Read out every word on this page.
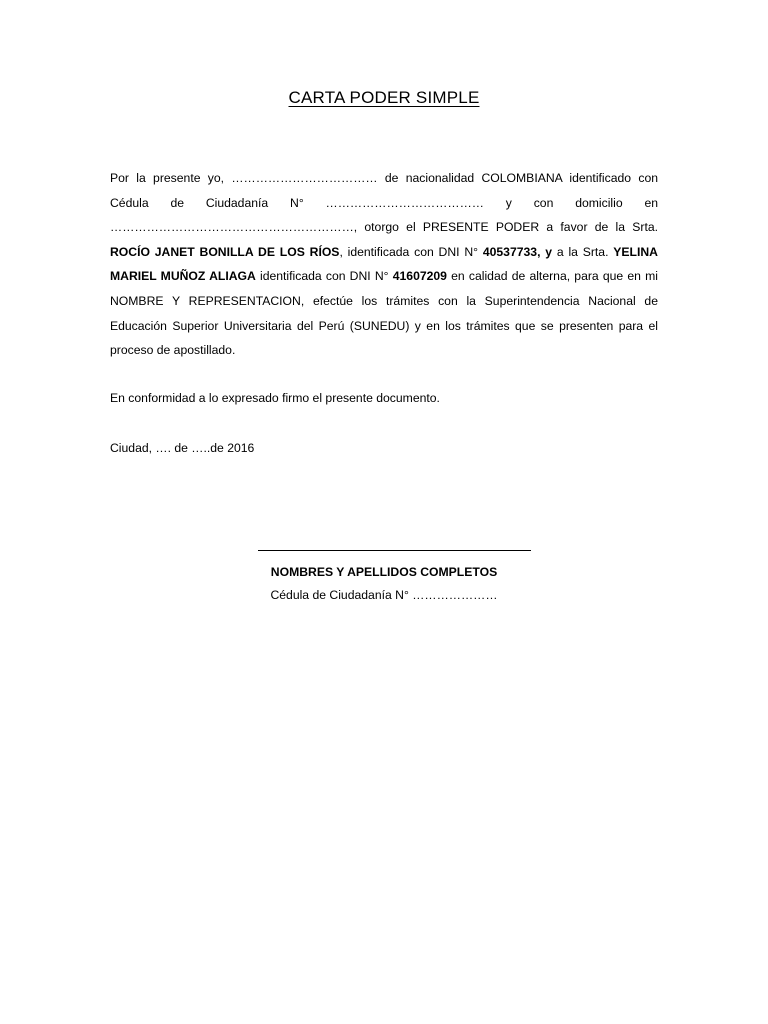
CARTA PODER SIMPLE
Por la presente yo, ……………………………… de nacionalidad COLOMBIANA identificado con Cédula de Ciudadanía N° ………………………………… y con domicilio en ……………………………………………………, otorgo el PRESENTE PODER a favor de la Srta. ROCÍO JANET BONILLA DE LOS RÍOS, identificada con DNI N° 40537733, y a la Srta. YELINA MARIEL MUÑOZ ALIAGA identificada con DNI N° 41607209 en calidad de alterna, para que en mi NOMBRE Y REPRESENTACION, efectúe los trámites con la Superintendencia Nacional de Educación Superior Universitaria del Perú (SUNEDU) y en los trámites que se presenten para el proceso de apostillado.
En conformidad a lo expresado firmo el presente documento.
Ciudad, …. de …..de 2016
NOMBRES Y APELLIDOS COMPLETOS
Cédula de Ciudadanía N° …………………
